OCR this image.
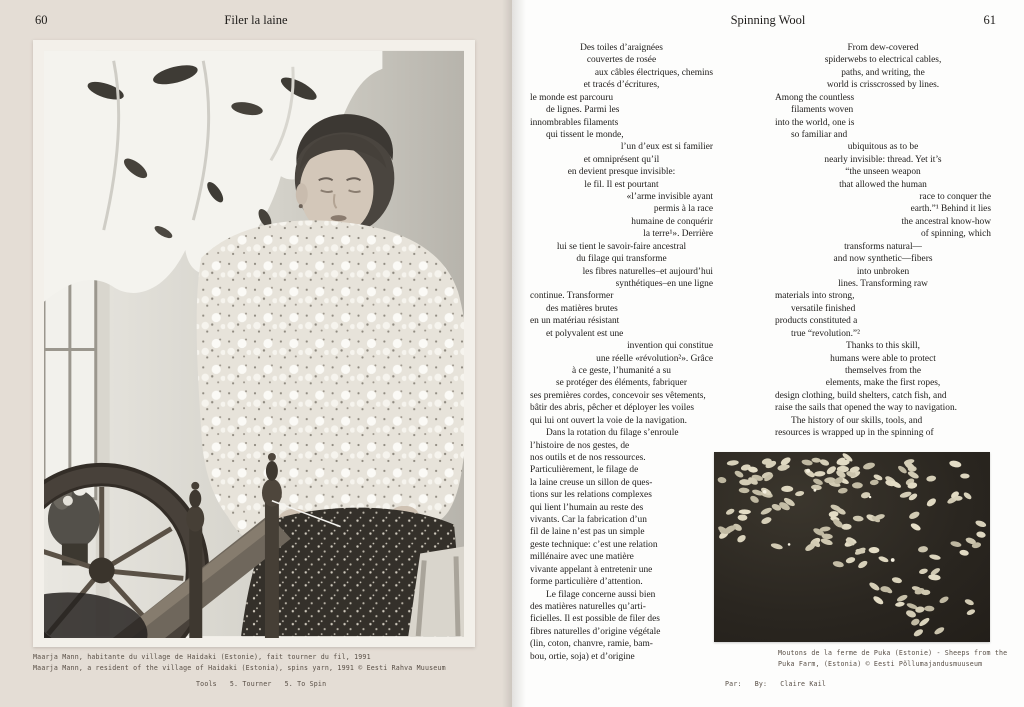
60	Filer la laine
Maarja Mann, habitante du village de Haidaki (Estonie), fait tourner du fil, 1991
Maarja Mann, a resident of the village of Haidaki (Estonia), spins yarn, 1991 © Eesti Rahva Muuseum
Tools 5. Tourner 5. To Spin
Spinning Wool	61
Des toiles d’araignées
couvertes de rosée
aux câbles électriques, chemins
et tracés d’écritures,
le monde est parcouru
de lignes. Parmi les
innombrables filaments
qui tissent le monde,
l’un d’eux est si familier
et omniprésent qu’il
en devient presque invisible:
le fil. Il est pourtant
«l’arme invisible ayant
permis à la race
humaine de conquérir
la terre¹». Derrière
lui se tient le savoir-faire ancestral
du filage qui transforme
les fibres naturelles–et aujourd’hui
synthétiques–en une ligne
continue. Transformer
des matières brutes
en un matériau résistant
et polyvalent est une
invention qui constitue
une réelle «révolution²». Grâce
à ce geste, l’humanité a su
se protéger des éléments, fabriquer
ses premières cordes, concevoir ses vêtements,
bâtir des abris, pêcher et déployer les voiles
qui lui ont ouvert la voie de la navigation.
Dans la rotation du filage s’enroule
l’histoire de nos gestes, de
nos outils et de nos ressources.
Particulièrement, le filage de
la laine creuse un sillon de ques-
tions sur les relations complexes
qui lient l’humain au reste des
vivants. Car la fabrication d’un
fil de laine n’est pas un simple
geste technique: c’est une relation
millénaire avec une matière
vivante appelant à entretenir une
forme particulière d’attention.
Le filage concerne aussi bien
des matières naturelles qu’arti-
ficielles. Il est possible de filer des
fibres naturelles d’origine végétale
(lin, coton, chanvre, ramie, bam-
bou, ortie, soja) et d’origine
From dew-covered
spiderwebs to electrical cables,
paths, and writing, the
world is crisscrossed by lines.
Among the countless
filaments woven
into the world, one is
so familiar and
ubiquitous as to be
nearly invisible: thread. Yet it’s
“the unseen weapon
that allowed the human
race to conquer the
earth.”¹ Behind it lies
the ancestral know-how
of spinning, which
transforms natural—
and now synthetic—fibers
into unbroken
lines. Transforming raw
materials into strong,
versatile finished
products constituted a
true “revolution.”²
Thanks to this skill,
humans were able to protect
themselves from the
elements, make the first ropes,
design clothing, build shelters, catch fish, and
raise the sails that opened the way to navigation.
The history of our skills, tools, and
resources is wrapped up in the spinning of
Moutons de la ferme de Puka (Estonie) - Sheeps from the
Puka Farm, (Estonia) © Eesti Põllumajandusmuuseum
Par: By: Claire Kail
